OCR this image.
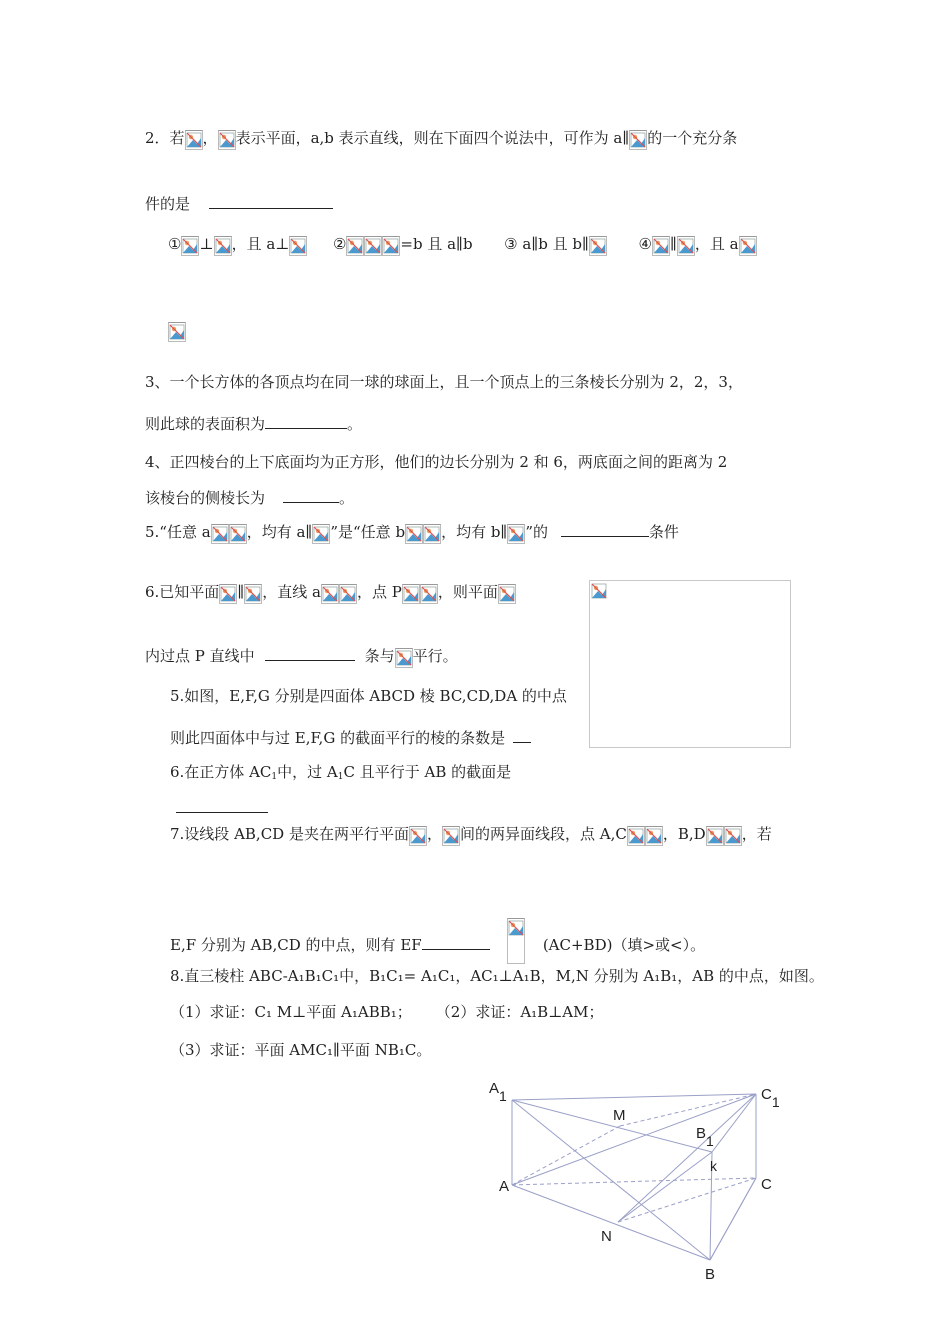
2．若 ， 表示平面，a,b 表示直线，则在下面四个说法中，可作为 a∥ 的一个充分条
件的是
① ⊥ ，且 a⊥	②	=b 且 a∥b ③ a∥b 且 b∥	④ ∥ ，且 a
3、一个长方体的各顶点均在同一球的球面上，且一个顶点上的三条棱长分别为 2，2，3，
则此球的表面积为	。
4、正四棱台的上下底面均为正方形，他们的边长分别为 2 和 6，两底面之间的距离为 2
该棱台的侧棱长为	。
5.“任意 a ，均有 a∥ ”是“任意 b ，均有 b∥ ”的	条件
6.已知平面 ∥ ，直线 a ，点 P ，则平面
内过点 P 直线中	条与 平行。
5.如图，E,F,G 分别是四面体 ABCD 棱 BC,CD,DA 的中点
则此四面体中与过 E,F,G 的截面平行的棱的条数是
6.在正方体 $AC_1$中，过 $A_1C$ 且平行于 AB 的截面是
7.设线段 AB,CD 是夹在两平行平面 ， 间的两异面线段，点 A,C ，B,D ，若
E,F 分别为 AB,CD 的中点，则有 EF	(AC+BD)（填>或<）。
8.直三棱柱 ABC-A₁B₁C₁中，B₁C₁= A₁C₁，AC₁⊥A₁B，M,N 分别为 A₁B₁，AB 的中点，如图。
（1）求证：C₁ M⊥平面 A₁ABB₁； （2）求证：A₁B⊥AM；
（3）求证：平面 AMC₁∥平面 NB₁C。
A1	C1
M
B1
k
A	C
N
B
